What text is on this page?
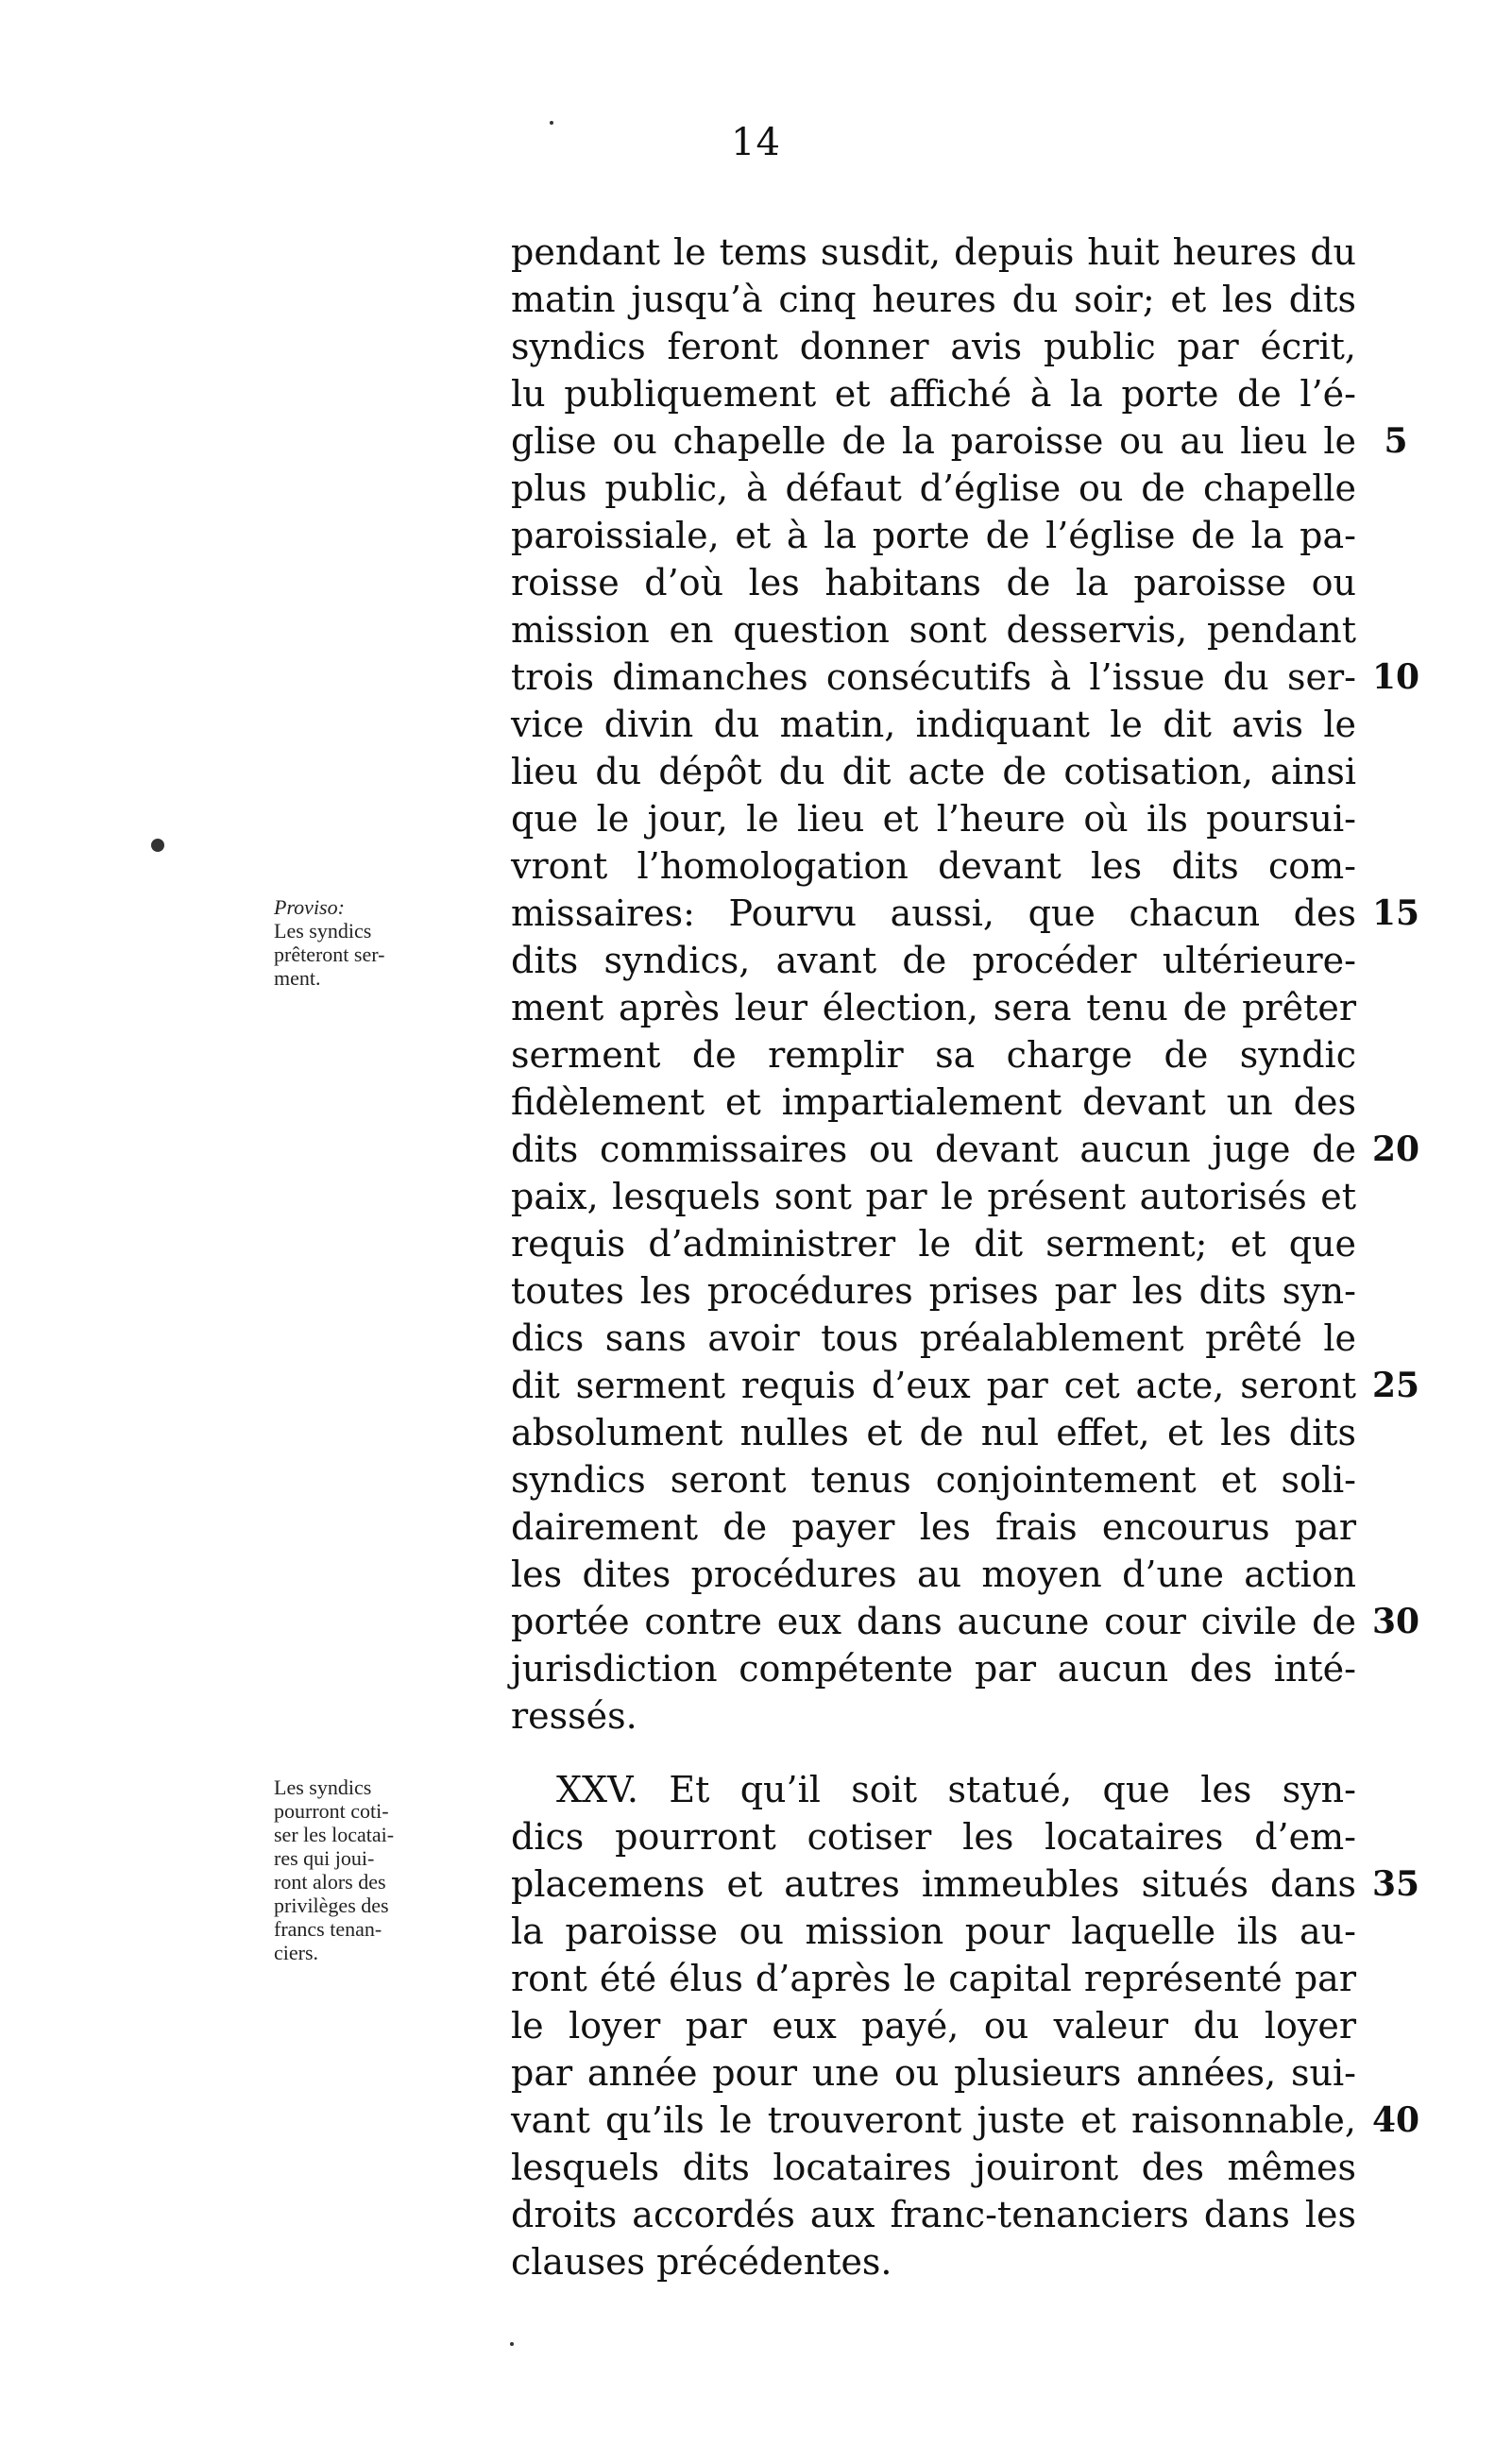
14
pendant le tems susdit, depuis huit heures du
matin jusqu’à cinq heures du soir; et les dits
syndics feront donner avis public par écrit,
lu publiquement et affiché à la porte de l’é-
glise ou chapelle de la paroisse ou au lieu le
plus public, à défaut d’église ou de chapelle
paroissiale, et à la porte de l’église de la pa-
roisse d’où les habitans de la paroisse ou
mission en question sont desservis, pendant
trois dimanches consécutifs à l’issue du ser-
vice divin du matin, indiquant le dit avis le
lieu du dépôt du dit acte de cotisation, ainsi
que le jour, le lieu et l’heure où ils poursui-
vront l’homologation devant les dits com-
missaires: Pourvu aussi, que chacun des
dits syndics, avant de procéder ultérieure-
ment après leur élection, sera tenu de prêter
serment de remplir sa charge de syndic
fidèlement et impartialement devant un des
dits commissaires ou devant aucun juge de
paix, lesquels sont par le présent autorisés et
requis d’administrer le dit serment; et que
toutes les procédures prises par les dits syn-
dics sans avoir tous préalablement prêté le
dit serment requis d’eux par cet acte, seront
absolument nulles et de nul effet, et les dits
syndics seront tenus conjointement et soli-
dairement de payer les frais encourus par
les dites procédures au moyen d’une action
portée contre eux dans aucune cour civile de
jurisdiction compétente par aucun des inté-
ressés.
XXV. Et qu’il soit statué, que les syn-
dics pourront cotiser les locataires d’em-
placemens et autres immeubles situés dans
la paroisse ou mission pour laquelle ils au-
ront été élus d’après le capital représenté par
le loyer par eux payé, ou valeur du loyer
par année pour une ou plusieurs années, sui-
vant qu’ils le trouveront juste et raisonnable,
lesquels dits locataires jouiront des mêmes
droits accordés aux franc-tenanciers dans les
clauses précédentes.
5
10
15
20
25
30
35
40
Proviso:
Les syndics
prêteront ser-
ment.
Les syndics
pourront coti-
ser les locatai-
res qui joui-
ront alors des
privilèges des
francs tenan-
ciers.
